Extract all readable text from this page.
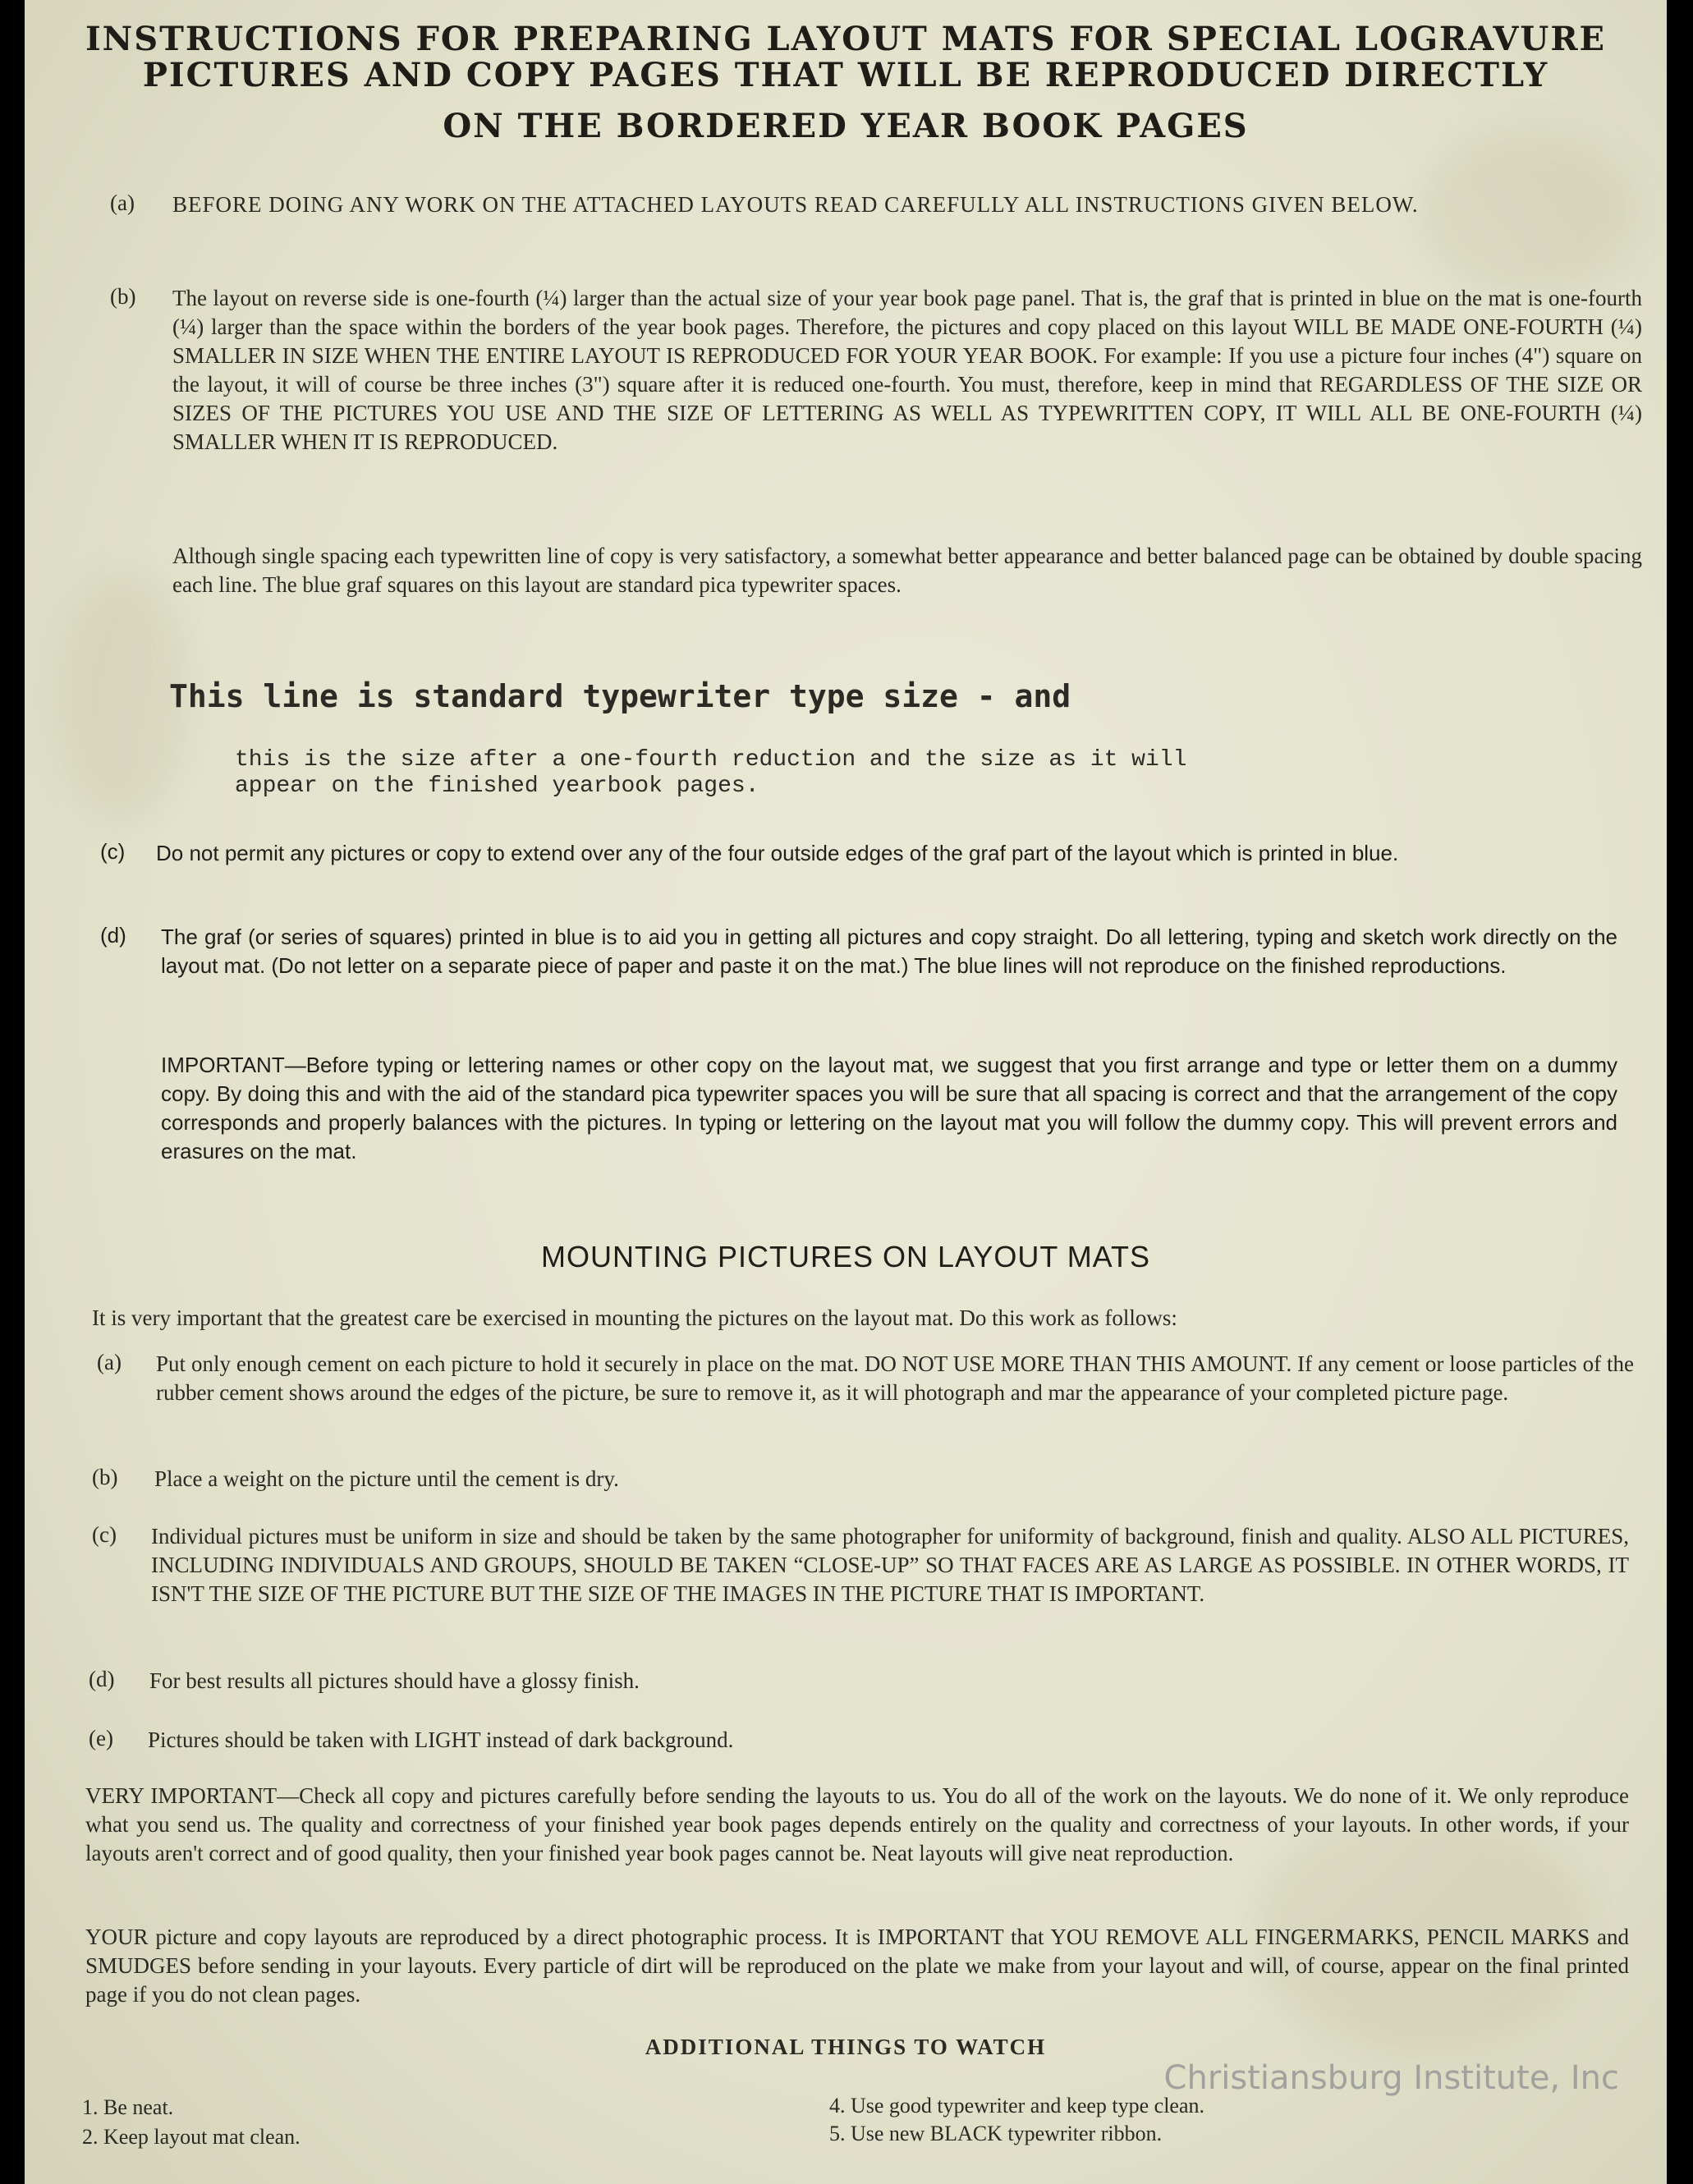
INSTRUCTIONS FOR PREPARING LAYOUT MATS FOR SPECIAL LOGRAVURE
PICTURES AND COPY PAGES THAT WILL BE REPRODUCED DIRECTLY
ON THE BORDERED YEAR BOOK PAGES
(a) BEFORE DOING ANY WORK ON THE ATTACHED LAYOUTS READ CAREFULLY ALL INSTRUCTIONS GIVEN BELOW.
(b) The layout on reverse side is one-fourth (¼) larger than the actual size of your year book page panel. That is, the graf that is printed in blue on the mat is one-fourth (¼) larger than the space within the borders of the year book pages. Therefore, the pictures and copy placed on this layout WILL BE MADE ONE-FOURTH (¼) SMALLER IN SIZE WHEN THE ENTIRE LAYOUT IS REPRODUCED FOR YOUR YEAR BOOK. For example: If you use a picture four inches (4") square on the layout, it will of course be three inches (3") square after it is reduced one-fourth. You must, therefore, keep in mind that REGARDLESS OF THE SIZE OR SIZES OF THE PICTURES YOU USE AND THE SIZE OF LETTERING AS WELL AS TYPEWRITTEN COPY, IT WILL ALL BE ONE-FOURTH (¼) SMALLER WHEN IT IS REPRODUCED.
Although single spacing each typewritten line of copy is very satisfactory, a somewhat better appearance and better balanced page can be obtained by double spacing each line. The blue graf squares on this layout are standard pica typewriter spaces.
This line is standard typewriter type size - and
this is the size after a one-fourth reduction and the size as it will
appear on the finished yearbook pages.
(c) Do not permit any pictures or copy to extend over any of the four outside edges of the graf part of the layout which is printed in blue.
(d) The graf (or series of squares) printed in blue is to aid you in getting all pictures and copy straight. Do all lettering, typing and sketch work directly on the layout mat. (Do not letter on a separate piece of paper and paste it on the mat.) The blue lines will not reproduce on the finished reproductions.
IMPORTANT—Before typing or lettering names or other copy on the layout mat, we suggest that you first arrange and type or letter them on a dummy copy. By doing this and with the aid of the standard pica typewriter spaces you will be sure that all spacing is correct and that the arrangement of the copy corresponds and properly balances with the pictures. In typing or lettering on the layout mat you will follow the dummy copy. This will prevent errors and erasures on the mat.
MOUNTING PICTURES ON LAYOUT MATS
It is very important that the greatest care be exercised in mounting the pictures on the layout mat. Do this work as follows:
(a) Put only enough cement on each picture to hold it securely in place on the mat. DO NOT USE MORE THAN THIS AMOUNT. If any cement or loose particles of the rubber cement shows around the edges of the picture, be sure to remove it, as it will photograph and mar the appearance of your completed picture page.
(b) Place a weight on the picture until the cement is dry.
(c) Individual pictures must be uniform in size and should be taken by the same photographer for uniformity of background, finish and quality. ALSO ALL PICTURES, INCLUDING INDIVIDUALS AND GROUPS, SHOULD BE TAKEN “CLOSE-UP” SO THAT FACES ARE AS LARGE AS POSSIBLE. IN OTHER WORDS, IT ISN'T THE SIZE OF THE PICTURE BUT THE SIZE OF THE IMAGES IN THE PICTURE THAT IS IMPORTANT.
(d) For best results all pictures should have a glossy finish.
(e) Pictures should be taken with LIGHT instead of dark background.
VERY IMPORTANT—Check all copy and pictures carefully before sending the layouts to us. You do all of the work on the layouts. We do none of it. We only reproduce what you send us. The quality and correctness of your finished year book pages depends entirely on the quality and correctness of your layouts. In other words, if your layouts aren't correct and of good quality, then your finished year book pages cannot be. Neat layouts will give neat reproduction.
YOUR picture and copy layouts are reproduced by a direct photographic process. It is IMPORTANT that YOU REMOVE ALL FINGERMARKS, PENCIL MARKS and SMUDGES before sending in your layouts. Every particle of dirt will be reproduced on the plate we make from your layout and will, of course, appear on the final printed page if you do not clean pages.
ADDITIONAL THINGS TO WATCH
1. Be neat.
2. Keep layout mat clean.
4. Use good typewriter and keep type clean.
5. Use new BLACK typewriter ribbon.
Christiansburg Institute, Inc
